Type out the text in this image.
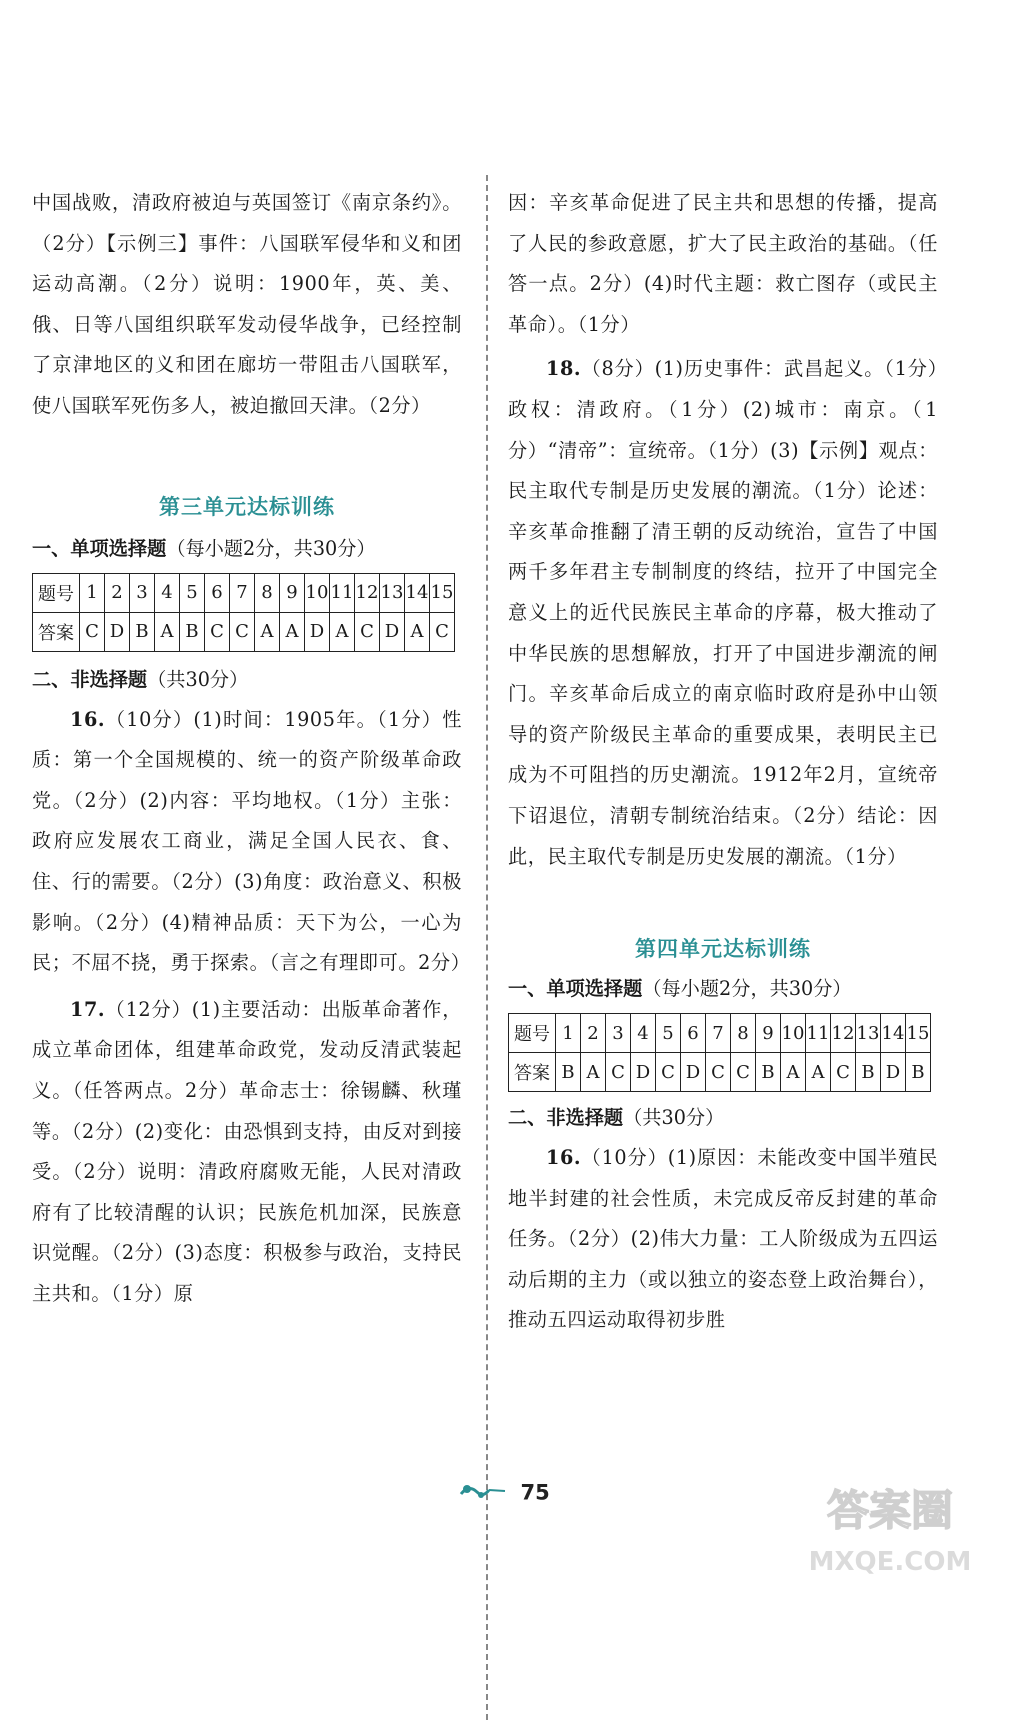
中国战败，清政府被迫与英国签订《南京条约》。（2分）【示例三】事件：八国联军侵华和义和团运动高潮。（2分）说明：1900年，英、美、俄、日等八国组织联军发动侵华战争，已经控制了京津地区的义和团在廊坊一带阻击八国联军，使八国联军死伤多人，被迫撤回天津。（2分）

第三单元达标训练

一、单项选择题（每小题2分，共30分）

题号	1	2	3	4	5	6	7	8	9	10	11	12	13	14	15
答案	C	D	B	A	B	C	C	A	A	D	A	C	D	A	C

二、非选择题（共30分）

16.（10分）(1)时间：1905年。（1分）性质：第一个全国规模的、统一的资产阶级革命政党。（2分）(2)内容：平均地权。（1分）主张：政府应发展农工商业，满足全国人民衣、食、住、行的需要。（2分）(3)角度：政治意义、积极影响。（2分）(4)精神品质：天下为公，一心为民；不屈不挠，勇于探索。（言之有理即可。2分）

17.（12分）(1)主要活动：出版革命著作，成立革命团体，组建革命政党，发动反清武装起义。（任答两点。2分）革命志士：徐锡麟、秋瑾等。（2分）(2)变化：由恐惧到支持，由反对到接受。（2分）说明：清政府腐败无能，人民对清政府有了比较清醒的认识；民族危机加深，民族意识觉醒。（2分）(3)态度：积极参与政治，支持民主共和。（1分）原

因：辛亥革命促进了民主共和思想的传播，提高了人民的参政意愿，扩大了民主政治的基础。（任答一点。2分）(4)时代主题：救亡图存（或民主革命）。（1分）

18.（8分）(1)历史事件：武昌起义。（1分）政权：清政府。（1分）(2)城市：南京。（1分）“清帝”：宣统帝。（1分）(3)【示例】观点：民主取代专制是历史发展的潮流。（1分）论述：辛亥革命推翻了清王朝的反动统治，宣告了中国两千多年君主专制制度的终结，拉开了中国完全意义上的近代民族民主革命的序幕，极大推动了中华民族的思想解放，打开了中国进步潮流的闸门。辛亥革命后成立的南京临时政府是孙中山领导的资产阶级民主革命的重要成果，表明民主已成为不可阻挡的历史潮流。1912年2月，宣统帝下诏退位，清朝专制统治结束。（2分）结论：因此，民主取代专制是历史发展的潮流。（1分）

第四单元达标训练

一、单项选择题（每小题2分，共30分）

题号	1	2	3	4	5	6	7	8	9	10	11	12	13	14	15
答案	B	A	C	D	C	D	C	C	B	A	A	C	B	D	B

二、非选择题（共30分）

16.（10分）(1)原因：未能改变中国半殖民地半封建的社会性质，未完成反帝反封建的革命任务。（2分）(2)伟大力量：工人阶级成为五四运动后期的主力（或以独立的姿态登上政治舞台），推动五四运动取得初步胜

75	答案圈
MXQE.COM
